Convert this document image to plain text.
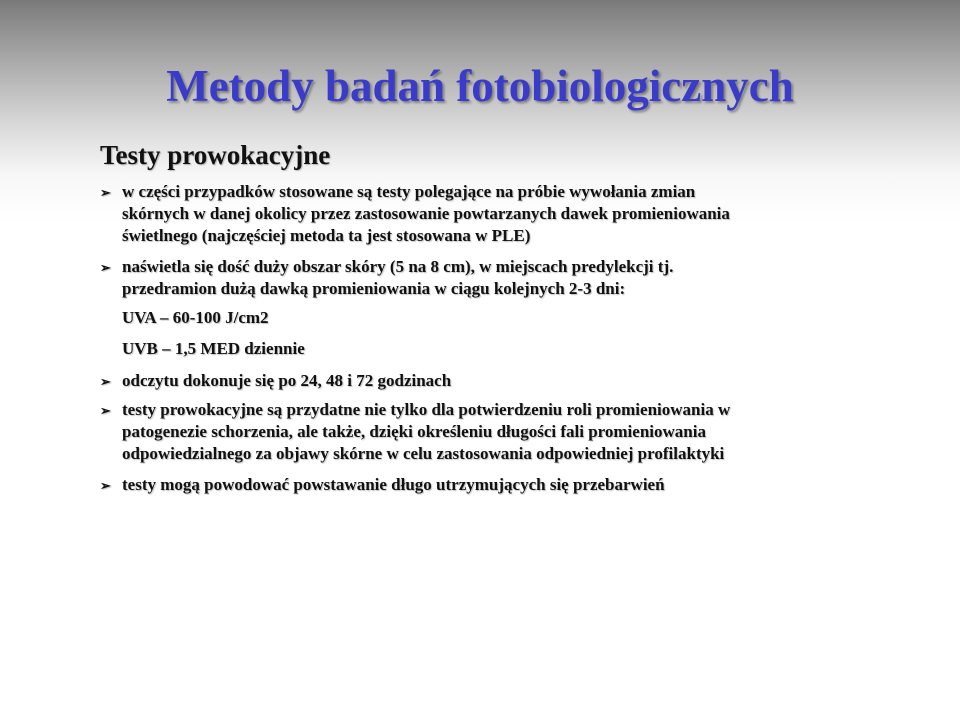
Metody badań fotobiologicznych
Testy prowokacyjne
➢ w części przypadków stosowane są testy polegające na próbie wywołania zmian skórnych w danej okolicy przez zastosowanie powtarzanych dawek promieniowania świetlnego (najczęściej metoda ta jest stosowana w PLE)
➢ naświetla się dość duży obszar skóry (5 na 8 cm), w miejscach predylekcji tj. przedramion dużą dawką promieniowania w ciągu kolejnych 2-3 dni:
UVA – 60-100 J/cm2
UVB – 1,5 MED dziennie
➢ odczytu dokonuje się po 24, 48 i 72 godzinach
➢ testy prowokacyjne są przydatne nie tylko dla potwierdzeniu roli promieniowania w patogenezie schorzenia, ale także, dzięki określeniu długości fali promieniowania odpowiedzialnego za objawy skórne w celu zastosowania odpowiedniej profilaktyki
➢ testy mogą powodować powstawanie długo utrzymujących się przebarwień
